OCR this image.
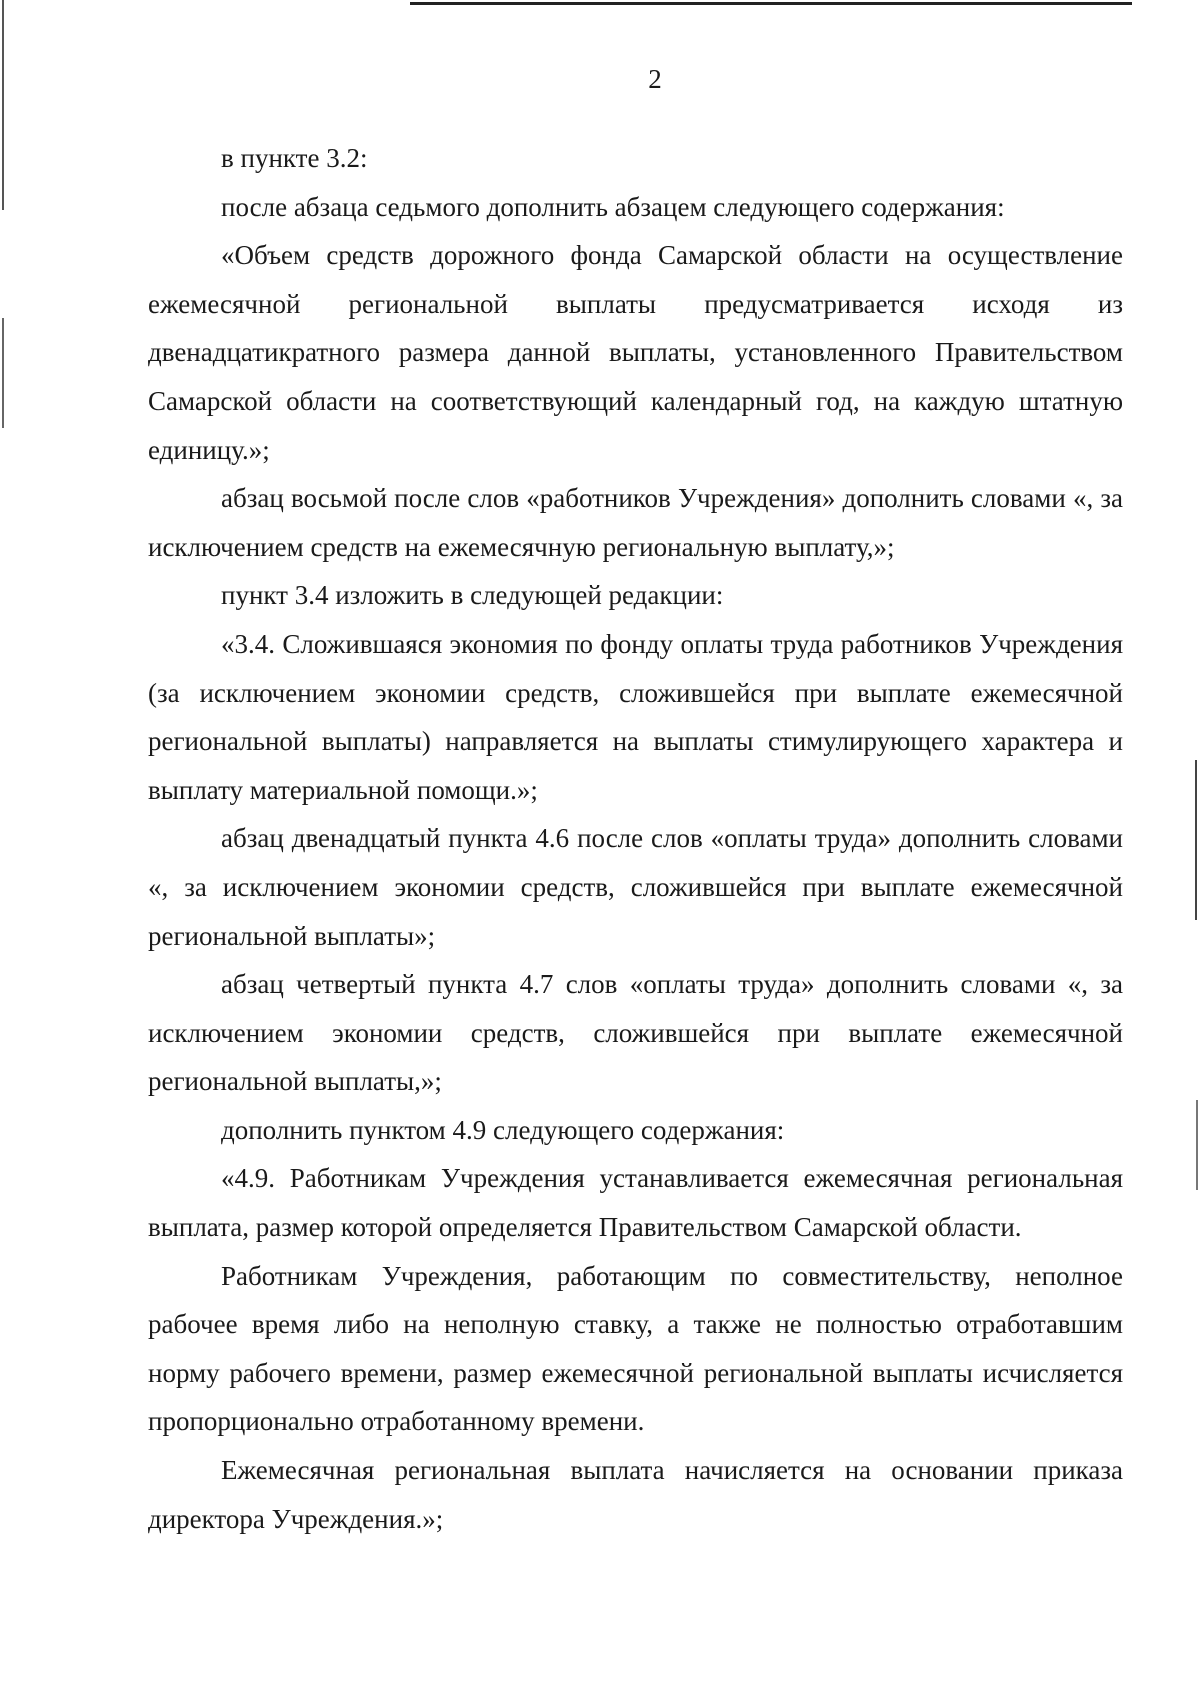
2

в пункте 3.2:

после абзаца седьмого дополнить абзацем следующего содержания:

«Объем средств дорожного фонда Самарской области на осуществление ежемесячной региональной выплаты предусматривается исходя из двенадцатикратного размера данной выплаты, установленного Правительством Самарской области на соответствующий календарный год, на каждую штатную единицу.»;

абзац восьмой после слов «работников Учреждения» дополнить словами «, за исключением средств на ежемесячную региональную выплату,»;

пункт 3.4 изложить в следующей редакции:

«3.4. Сложившаяся экономия по фонду оплаты труда работников Учреждения (за исключением экономии средств, сложившейся при выплате ежемесячной региональной выплаты) направляется на выплаты стимулирующего характера и выплату материальной помощи.»;

абзац двенадцатый пункта 4.6 после слов «оплаты труда» дополнить словами «, за исключением экономии средств, сложившейся при выплате ежемесячной региональной выплаты»;

абзац четвертый пункта 4.7 слов «оплаты труда» дополнить словами «, за исключением экономии средств, сложившейся при выплате ежемесячной региональной выплаты,»;

дополнить пунктом 4.9 следующего содержания:

«4.9. Работникам Учреждения устанавливается ежемесячная региональная выплата, размер которой определяется Правительством Самарской области.

Работникам Учреждения, работающим по совместительству, неполное рабочее время либо на неполную ставку, а также не полностью отработавшим норму рабочего времени, размер ежемесячной региональной выплаты исчисляется пропорционально отработанному времени.

Ежемесячная региональная выплата начисляется на основании приказа директора Учреждения.»;
